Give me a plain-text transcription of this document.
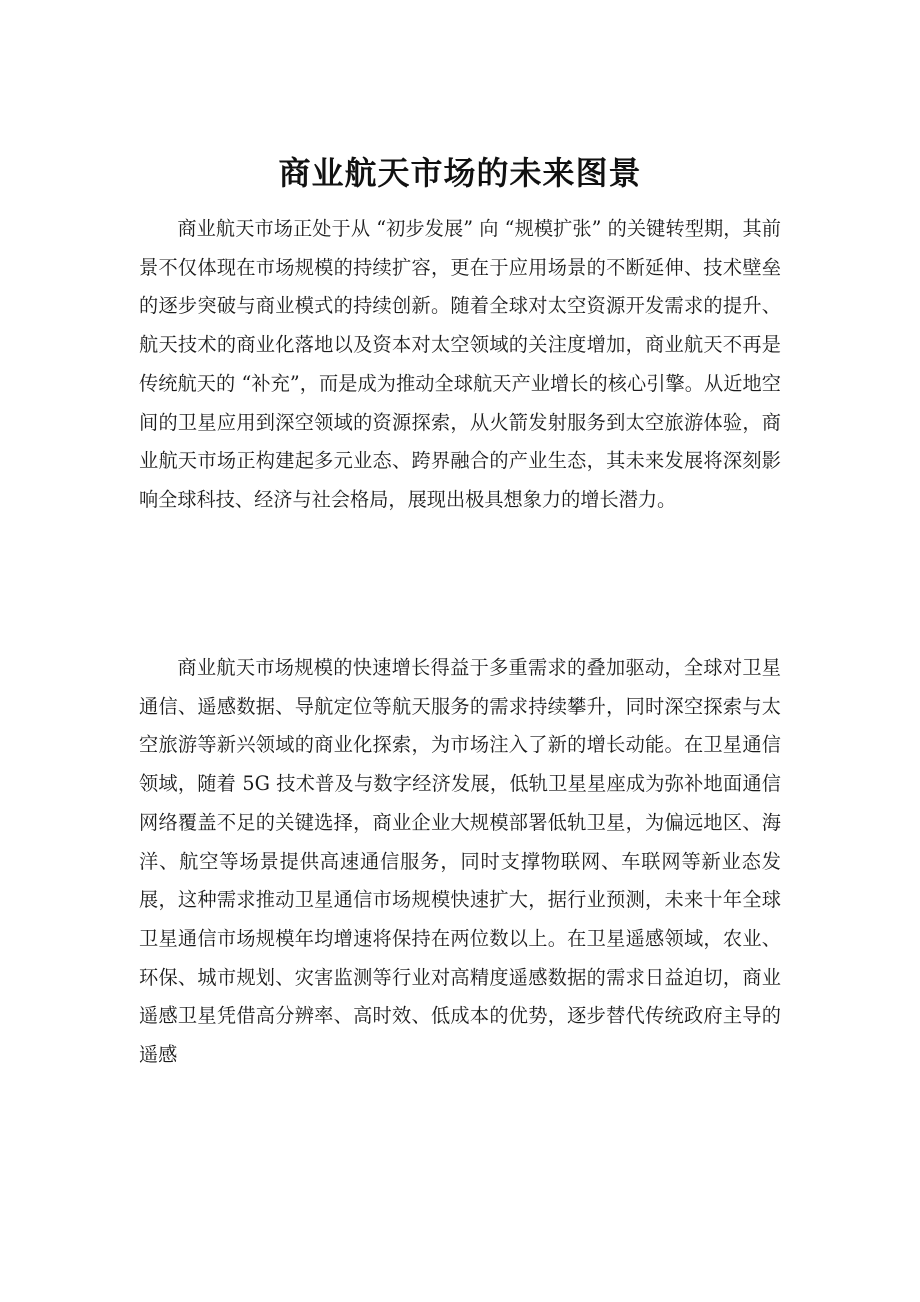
商业航天市场的未来图景

商业航天市场正处于从 “初步发展” 向 “规模扩张” 的关键转型期，其前景不仅体现在市场规模的持续扩容，更在于应用场景的不断延伸、技术壁垒的逐步突破与商业模式的持续创新。随着全球对太空资源开发需求的提升、航天技术的商业化落地以及资本对太空领域的关注度增加，商业航天不再是传统航天的 “补充”，而是成为推动全球航天产业增长的核心引擎。从近地空间的卫星应用到深空领域的资源探索，从火箭发射服务到太空旅游体验，商业航天市场正构建起多元业态、跨界融合的产业生态，其未来发展将深刻影响全球科技、经济与社会格局，展现出极具想象力的增长潜力。

商业航天市场规模的快速增长得益于多重需求的叠加驱动，全球对卫星通信、遥感数据、导航定位等航天服务的需求持续攀升，同时深空探索与太空旅游等新兴领域的商业化探索，为市场注入了新的增长动能。在卫星通信领域，随着 5G 技术普及与数字经济发展，低轨卫星星座成为弥补地面通信网络覆盖不足的关键选择，商业企业大规模部署低轨卫星，为偏远地区、海洋、航空等场景提供高速通信服务，同时支撑物联网、车联网等新业态发展，这种需求推动卫星通信市场规模快速扩大，据行业预测，未来十年全球卫星通信市场规模年均增速将保持在两位数以上。在卫星遥感领域，农业、环保、城市规划、灾害监测等行业对高精度遥感数据的需求日益迫切，商业遥感卫星凭借高分辨率、高时效、低成本的优势，逐步替代传统政府主导的遥感
